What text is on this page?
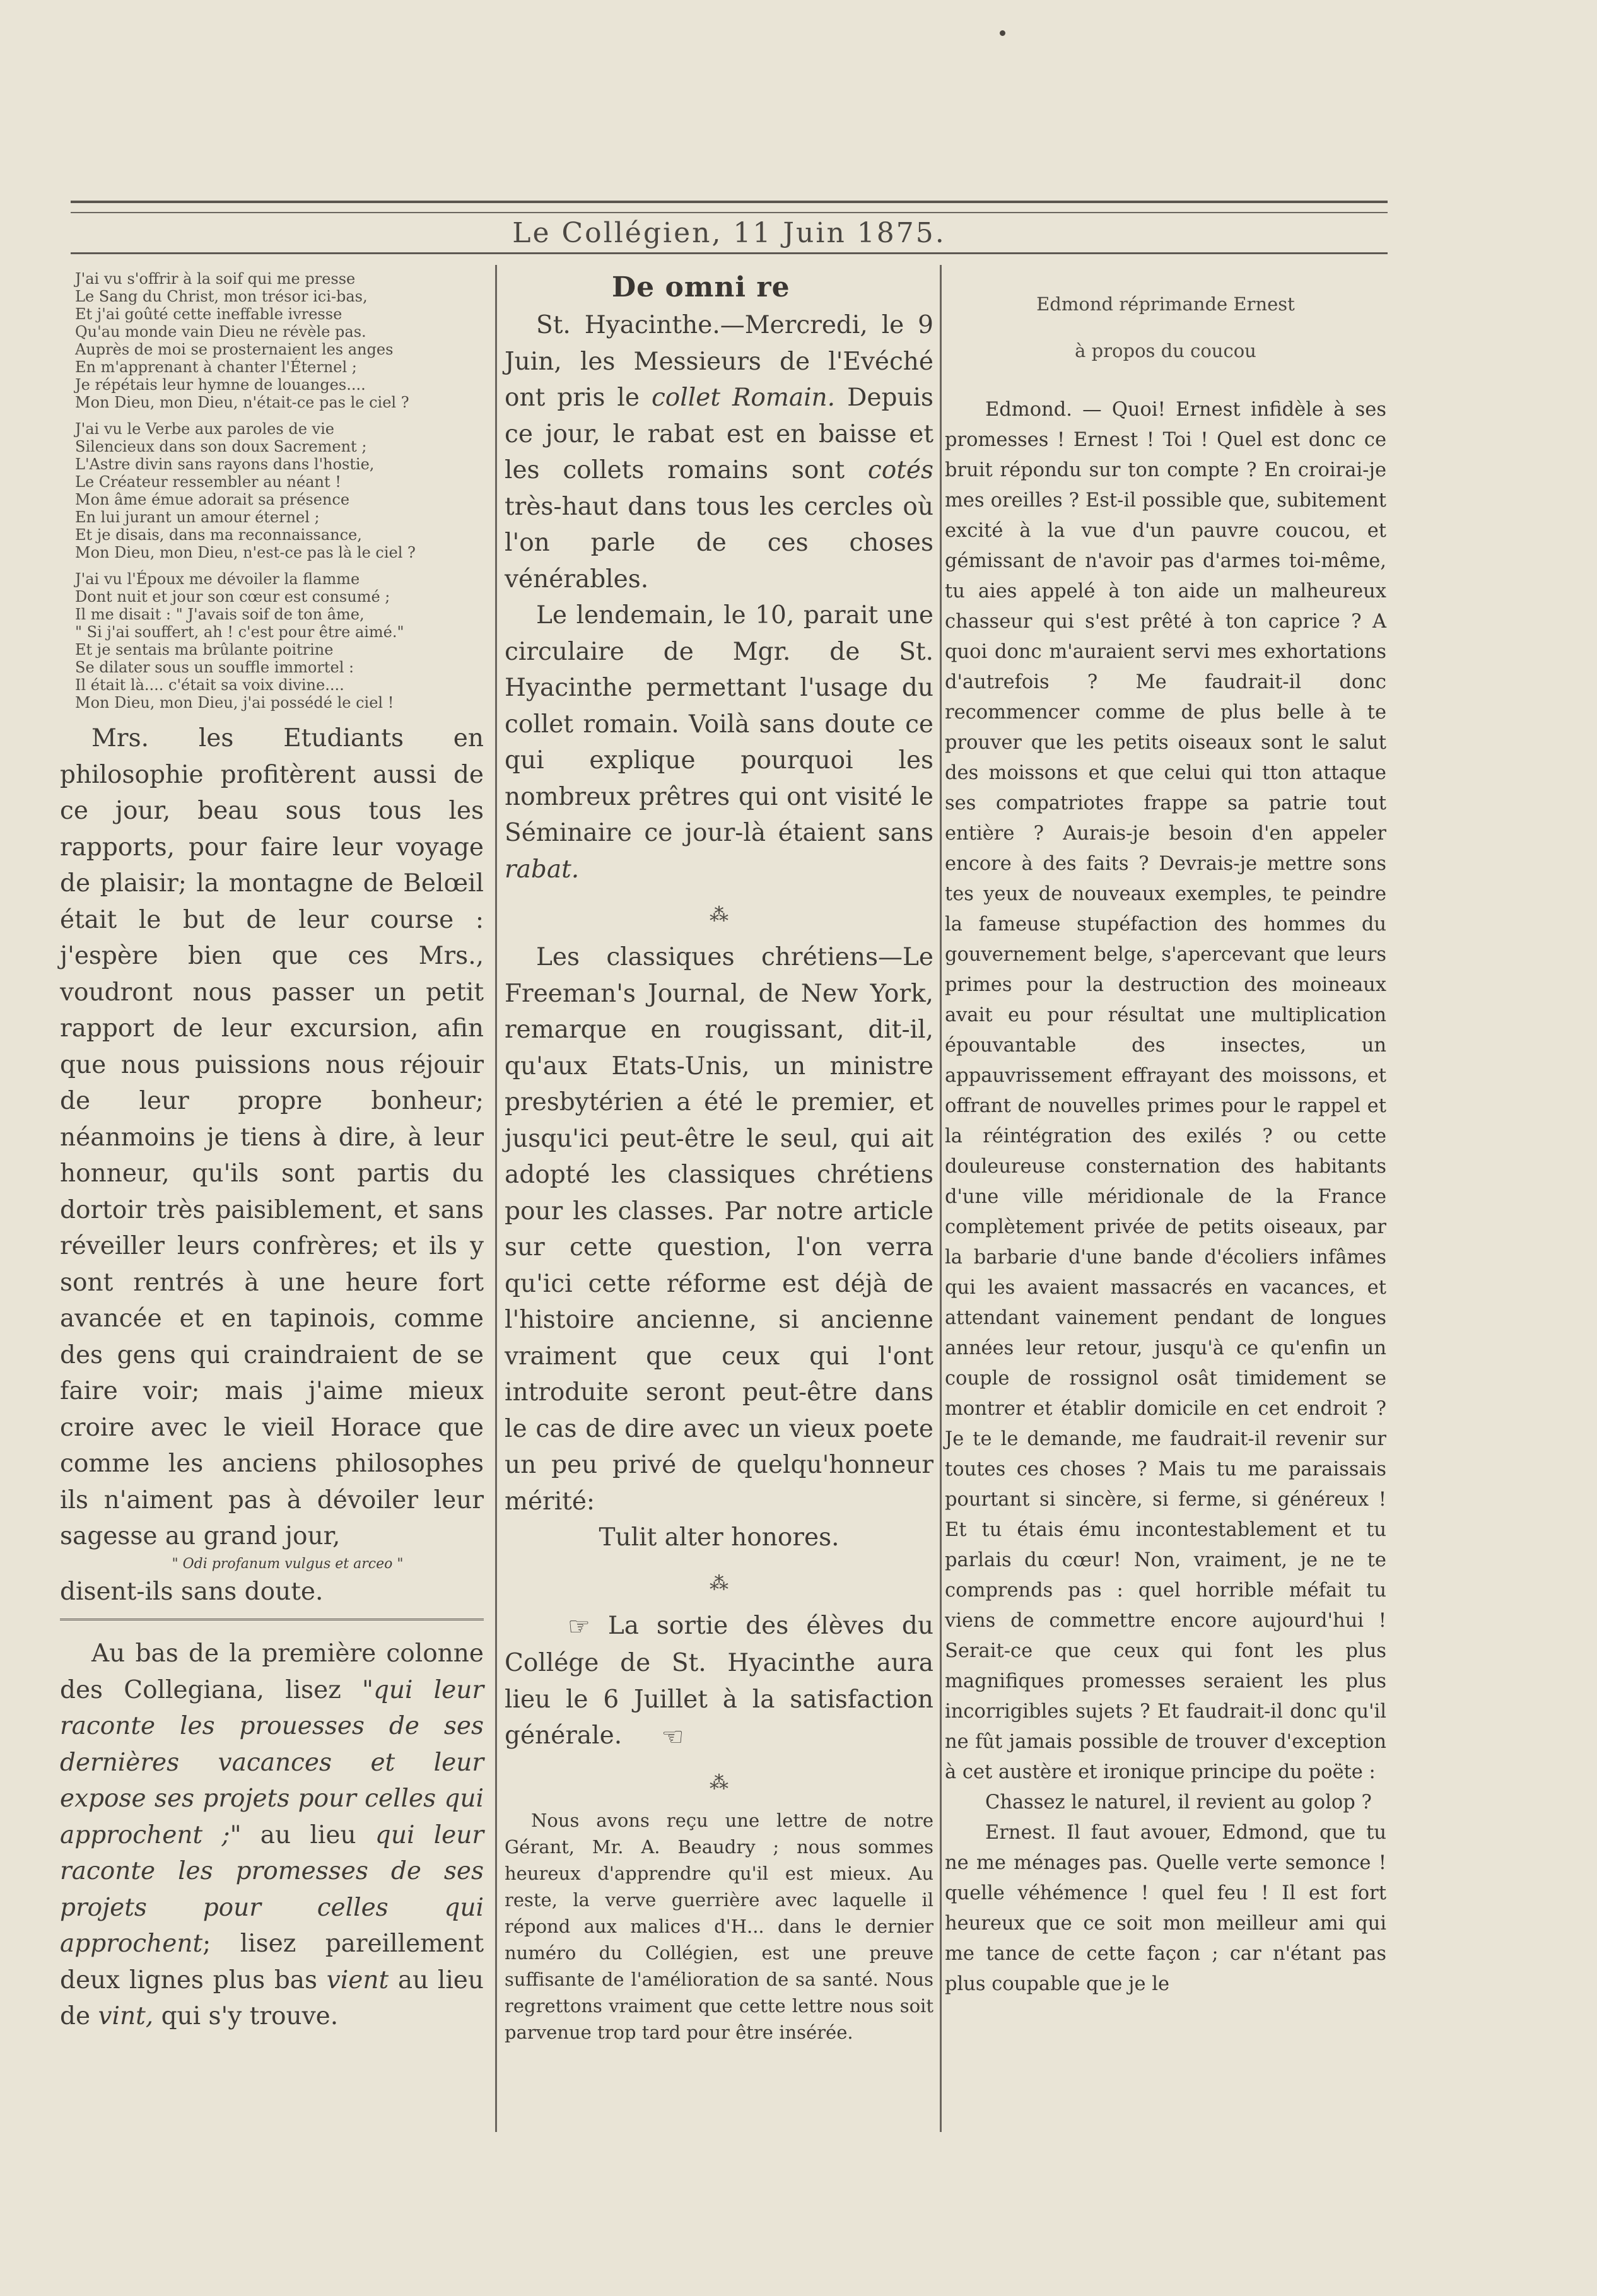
Le Collégien, 11 Juin 1875.
J'ai vu s'offrir à la soif qui me presse
Le Sang du Christ, mon trésor ici-bas,
Et j'ai goûté cette ineffable ivresse
Qu'au monde vain Dieu ne révèle pas.
Auprès de moi se prosternaient les anges
En m'apprenant à chanter l'Éternel ;
Je répétais leur hymne de louanges....
Mon Dieu, mon Dieu, n'était-ce pas le ciel ?
J'ai vu le Verbe aux paroles de vie
Silencieux dans son doux Sacrement ;
L'Astre divin sans rayons dans l'hostie,
Le Créateur ressembler au néant !
Mon âme émue adorait sa présence
En lui jurant un amour éternel ;
Et je disais, dans ma reconnaissance,
Mon Dieu, mon Dieu, n'est-ce pas là le ciel ?
J'ai vu l'Époux me dévoiler la flamme
Dont nuit et jour son cœur est consumé ;
Il me disait : " J'avais soif de ton âme,
" Si j'ai souffert, ah ! c'est pour être aimé."
Et je sentais ma brûlante poitrine
Se dilater sous un souffle immortel :
Il était là.... c'était sa voix divine....
Mon Dieu, mon Dieu, j'ai possédé le ciel !

Mrs. les Etudiants en philosophie profitèrent aussi de ce jour, beau sous tous les rapports, pour faire leur voyage de plaisir; la montagne de Belœil était le but de leur course : j'espère bien que ces Mrs., voudront nous passer un petit rapport de leur excursion, afin que nous puissions nous réjouir de leur propre bonheur; néanmoins je tiens à dire, à leur honneur, qu'ils sont partis du dortoir très paisiblement, et sans réveiller leurs confrères; et ils y sont rentrés à une heure fort avancée et en tapinois, comme des gens qui craindraient de se faire voir; mais j'aime mieux croire avec le vieil Horace que comme les anciens philosophes ils n'aiment pas à dévoiler leur sagesse au grand jour,

" Odi profanum vulgus et arceo "

disent-ils sans doute.

Au bas de la première colonne des Collegiana, lisez "qui leur raconte les prouesses de ses dernières vacances et leur expose ses projets pour celles qui approchent ;" au lieu qui leur raconte les promesses de ses projets pour celles qui approchent; lisez pareillement deux lignes plus bas vient au lieu de vint, qui s'y trouve.

De omni re

St. Hyacinthe.—Mercredi, le 9 Juin, les Messieurs de l'Evéché ont pris le collet Romain. Depuis ce jour, le rabat est en baisse et les collets romains sont cotés très-haut dans tous les cercles où l'on parle de ces choses vénérables.

Le lendemain, le 10, parait une circulaire de Mgr. de St. Hyacinthe permettant l'usage du collet romain. Voilà sans doute ce qui explique pourquoi les nombreux prêtres qui ont visité le Séminaire ce jour-là étaient sans rabat.

⁂

Les classiques chrétiens—Le Freeman's Journal, de New York, remarque en rougissant, dit-il, qu'aux Etats-Unis, un ministre presbytérien a été le premier, et jusqu'ici peut-être le seul, qui ait adopté les classiques chrétiens pour les classes. Par notre article sur cette question, l'on verra qu'ici cette réforme est déjà de l'histoire ancienne, si ancienne vraiment que ceux qui l'ont introduite seront peut-être dans le cas de dire avec un vieux poete un peu privé de quelqu'honneur mérité:

Tulit alter honores.

⁂

☞ La sortie des élèves du Collége de St. Hyacinthe aura lieu le 6 Juillet à la satisfaction générale. ☜

⁂

Nous avons reçu une lettre de notre Gérant, Mr. A. Beaudry ; nous sommes heureux d'apprendre qu'il est mieux. Au reste, la verve guerrière avec laquelle il répond aux malices d'H... dans le dernier numéro du Collégien, est une preuve suffisante de l'amélioration de sa santé. Nous regrettons vraiment que cette lettre nous soit parvenue trop tard pour être insérée.

Edmond réprimande Ernest
à propos du coucou

Edmond. — Quoi! Ernest infidèle à ses promesses ! Ernest ! Toi ! Quel est donc ce bruit répondu sur ton compte ? En croirai-je mes oreilles ? Est-il possible que, subitement excité à la vue d'un pauvre coucou, et gémissant de n'avoir pas d'armes toi-même, tu aies appelé à ton aide un malheureux chasseur qui s'est prêté à ton caprice ? A quoi donc m'auraient servi mes exhortations d'autrefois ? Me faudrait-il donc recommencer comme de plus belle à te prouver que les petits oiseaux sont le salut des moissons et que celui qui tton attaque ses compatriotes frappe sa patrie tout entière ? Aurais-je besoin d'en appeler encore à des faits ? Devrais-je mettre sons tes yeux de nouveaux exemples, te peindre la fameuse stupéfaction des hommes du gouvernement belge, s'apercevant que leurs primes pour la destruction des moineaux avait eu pour résultat une multiplication épouvantable des insectes, un appauvrissement effrayant des moissons, et offrant de nouvelles primes pour le rappel et la réintégration des exilés ? ou cette douleureuse consternation des habitants d'une ville méridionale de la France complètement privée de petits oiseaux, par la barbarie d'une bande d'écoliers infâmes qui les avaient massacrés en vacances, et attendant vainement pendant de longues années leur retour, jusqu'à ce qu'enfin un couple de rossignol osât timidement se montrer et établir domicile en cet endroit ? Je te le demande, me faudrait-il revenir sur toutes ces choses ? Mais tu me paraissais pourtant si sincère, si ferme, si généreux ! Et tu étais ému incontestablement et tu parlais du cœur! Non, vraiment, je ne te comprends pas : quel horrible méfait tu viens de commettre encore aujourd'hui ! Serait-ce que ceux qui font les plus magnifiques promesses seraient les plus incorrigibles sujets ? Et faudrait-il donc qu'il ne fût jamais possible de trouver d'exception à cet austère et ironique principe du poëte :

Chassez le naturel, il revient au golop ?

Ernest. Il faut avouer, Edmond, que tu ne me ménages pas. Quelle verte semonce ! quelle véhémence ! quel feu ! Il est fort heureux que ce soit mon meilleur ami qui me tance de cette façon ; car n'étant pas plus coupable que je le
